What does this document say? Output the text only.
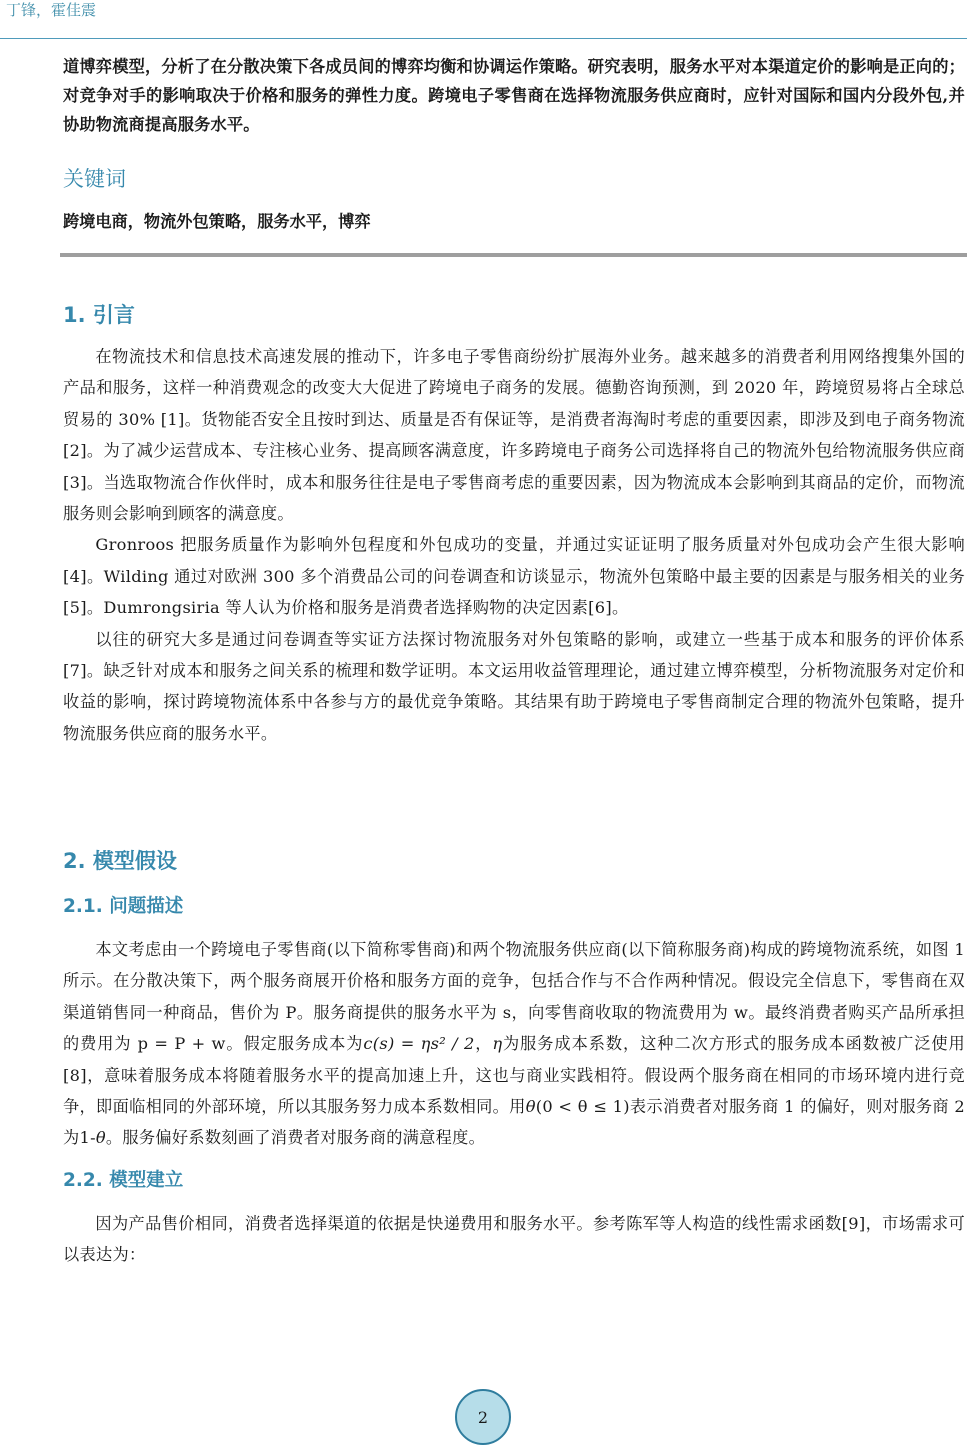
丁锋，霍佳震

道博弈模型，分析了在分散决策下各成员间的博弈均衡和协调运作策略。研究表明，服务水平对本渠道定价的影响是正向的；对竞争对手的影响取决于价格和服务的弹性力度。跨境电子零售商在选择物流服务供应商时，应针对国际和国内分段外包,并协助物流商提高服务水平。

关键词
跨境电商，物流外包策略，服务水平，博弈
1. 引言

在物流技术和信息技术高速发展的推动下，许多电子零售商纷纷扩展海外业务。越来越多的消费者利用网络搜集外国的产品和服务，这样一种消费观念的改变大大促进了跨境电子商务的发展。德勤咨询预测，到 2020 年，跨境贸易将占全球总贸易的 30% [1]。货物能否安全且按时到达、质量是否有保证等，是消费者海淘时考虑的重要因素，即涉及到电子商务物流[2]。为了减少运营成本、专注核心业务、提高顾客满意度，许多跨境电子商务公司选择将自己的物流外包给物流服务供应商[3]。当选取物流合作伙伴时，成本和服务往往是电子零售商考虑的重要因素，因为物流成本会影响到其商品的定价，而物流服务则会影响到顾客的满意度。

Gronroos 把服务质量作为影响外包程度和外包成功的变量，并通过实证证明了服务质量对外包成功会产生很大影响[4]。Wilding 通过对欧洲 300 多个消费品公司的问卷调查和访谈显示，物流外包策略中最主要的因素是与服务相关的业务[5]。Dumrongsiria 等人认为价格和服务是消费者选择购物的决定因素[6]。

以往的研究大多是通过问卷调查等实证方法探讨物流服务对外包策略的影响，或建立一些基于成本和服务的评价体系[7]。缺乏针对成本和服务之间关系的梳理和数学证明。本文运用收益管理理论，通过建立博弈模型，分析物流服务对定价和收益的影响，探讨跨境物流体系中各参与方的最优竞争策略。其结果有助于跨境电子零售商制定合理的物流外包策略，提升物流服务供应商的服务水平。

2. 模型假设
2.1. 问题描述

本文考虑由一个跨境电子零售商(以下简称零售商)和两个物流服务供应商(以下简称服务商)构成的跨境物流系统，如图 1 所示。在分散决策下，两个服务商展开价格和服务方面的竞争，包括合作与不合作两种情况。假设完全信息下，零售商在双渠道销售同一种商品，售价为 P。服务商提供的服务水平为 s，向零售商收取的物流费用为 w。最终消费者购买产品所承担的费用为 p = P + w。假定服务成本为c(s) = ηs² / 2，η为服务成本系数，这种二次方形式的服务成本函数被广泛使用[8]，意味着服务成本将随着服务水平的提高加速上升，这也与商业实践相符。假设两个服务商在相同的市场环境内进行竞争，即面临相同的外部环境，所以其服务努力成本系数相同。用θ(0 < θ ≤ 1)表示消费者对服务商 1 的偏好，则对服务商 2 为1-θ。服务偏好系数刻画了消费者对服务商的满意程度。

2.2. 模型建立

因为产品售价相同，消费者选择渠道的依据是快递费用和服务水平。参考陈军等人构造的线性需求函数[9]，市场需求可以表达为：

2
